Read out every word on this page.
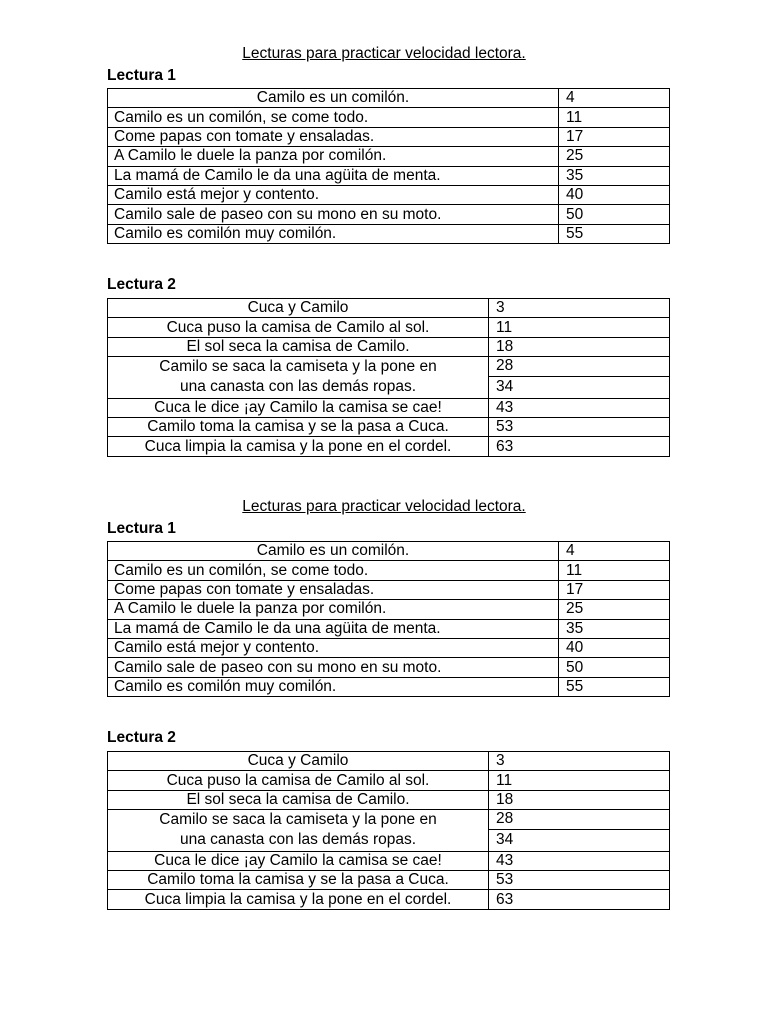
Lecturas para practicar velocidad lectora.
Lectura 1
Camilo es un comilón.	4
Camilo es un comilón, se come todo.	11
Come papas con tomate y ensaladas.	17
A Camilo le duele la panza por comilón.	25
La mamá de Camilo le da una agüita de menta.	35
Camilo está mejor y contento.	40
Camilo sale de paseo con su mono en su moto.	50
Camilo es comilón muy comilón.	55
Lectura 2
Cuca y Camilo	3
Cuca puso la camisa de Camilo al sol.	11
El sol seca la camisa de Camilo.	18
Camilo se saca la camiseta y la pone en	28
una canasta con las demás ropas.	34
Cuca le dice ¡ay Camilo la camisa se cae!	43
Camilo toma la camisa y se la pasa a Cuca.	53
Cuca limpia la camisa y la pone en el cordel.	63
Lecturas para practicar velocidad lectora.
Lectura 1
Camilo es un comilón.	4
Camilo es un comilón, se come todo.	11
Come papas con tomate y ensaladas.	17
A Camilo le duele la panza por comilón.	25
La mamá de Camilo le da una agüita de menta.	35
Camilo está mejor y contento.	40
Camilo sale de paseo con su mono en su moto.	50
Camilo es comilón muy comilón.	55
Lectura 2
Cuca y Camilo	3
Cuca puso la camisa de Camilo al sol.	11
El sol seca la camisa de Camilo.	18
Camilo se saca la camiseta y la pone en	28
una canasta con las demás ropas.	34
Cuca le dice ¡ay Camilo la camisa se cae!	43
Camilo toma la camisa y se la pasa a Cuca.	53
Cuca limpia la camisa y la pone en el cordel.	63
